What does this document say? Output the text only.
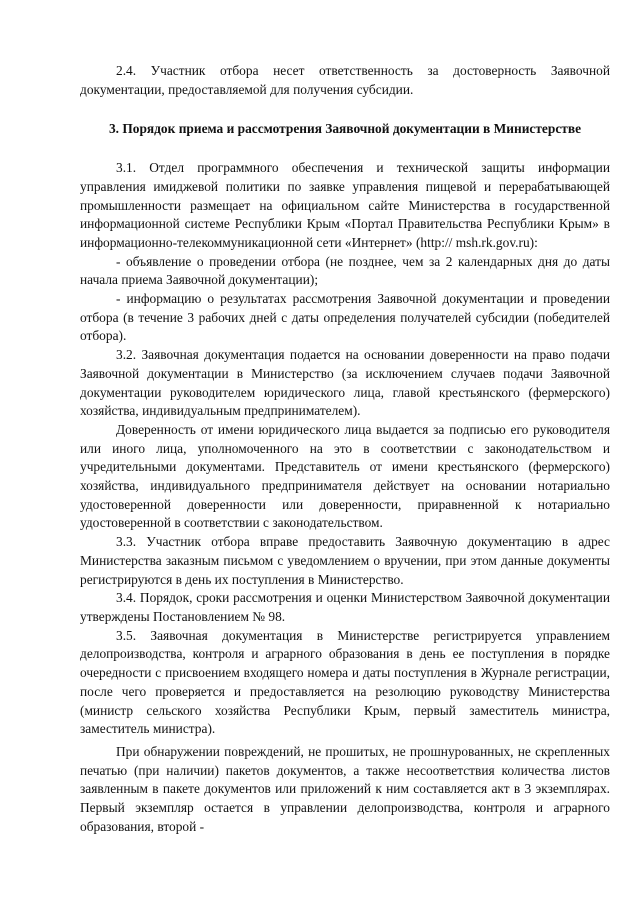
2.4. Участник отбора несет ответственность за достоверность Заявочной документации, предоставляемой для получения субсидии.

3. Порядок приема и рассмотрения Заявочной документации в Министерстве

3.1. Отдел программного обеспечения и технической защиты информации управления имиджевой политики по заявке управления пищевой и перерабатывающей промышленности размещает на официальном сайте Министерства в государственной информационной системе Республики Крым «Портал Правительства Республики Крым» в информационно-телекоммуникационной сети «Интернет» (http:// msh.rk.gov.ru):

- объявление о проведении отбора (не позднее, чем за 2 календарных дня до даты начала приема Заявочной документации);

- информацию о результатах рассмотрения Заявочной документации и проведении отбора (в течение 3 рабочих дней с даты определения получателей субсидии (победителей отбора).

3.2. Заявочная документация подается на основании доверенности на право подачи Заявочной документации в Министерство (за исключением случаев подачи Заявочной документации руководителем юридического лица, главой крестьянского (фермерского) хозяйства, индивидуальным предпринимателем).

Доверенность от имени юридического лица выдается за подписью его руководителя или иного лица, уполномоченного на это в соответствии с законодательством и учредительными документами. Представитель от имени крестьянского (фермерского) хозяйства, индивидуального предпринимателя действует на основании нотариально удостоверенной доверенности или доверенности, приравненной к нотариально удостоверенной в соответствии с законодательством.

3.3. Участник отбора вправе предоставить Заявочную документацию в адрес Министерства заказным письмом с уведомлением о вручении, при этом данные документы регистрируются в день их поступления в Министерство.

3.4. Порядок, сроки рассмотрения и оценки Министерством Заявочной документации утверждены Постановлением № 98.

3.5. Заявочная документация в Министерстве регистрируется управлением делопроизводства, контроля и аграрного образования в день ее поступления в порядке очередности с присвоением входящего номера и даты поступления в Журнале регистрации, после чего проверяется и предоставляется на резолюцию руководству Министерства (министр сельского хозяйства Республики Крым, первый заместитель министра, заместитель министра).

При обнаружении повреждений, не прошитых, не прошнурованных, не скрепленных печатью (при наличии) пакетов документов, а также несоответствия количества листов заявленным в пакете документов или приложений к ним составляется акт в 3 экземплярах. Первый экземпляр остается в управлении делопроизводства, контроля и аграрного образования, второй -
